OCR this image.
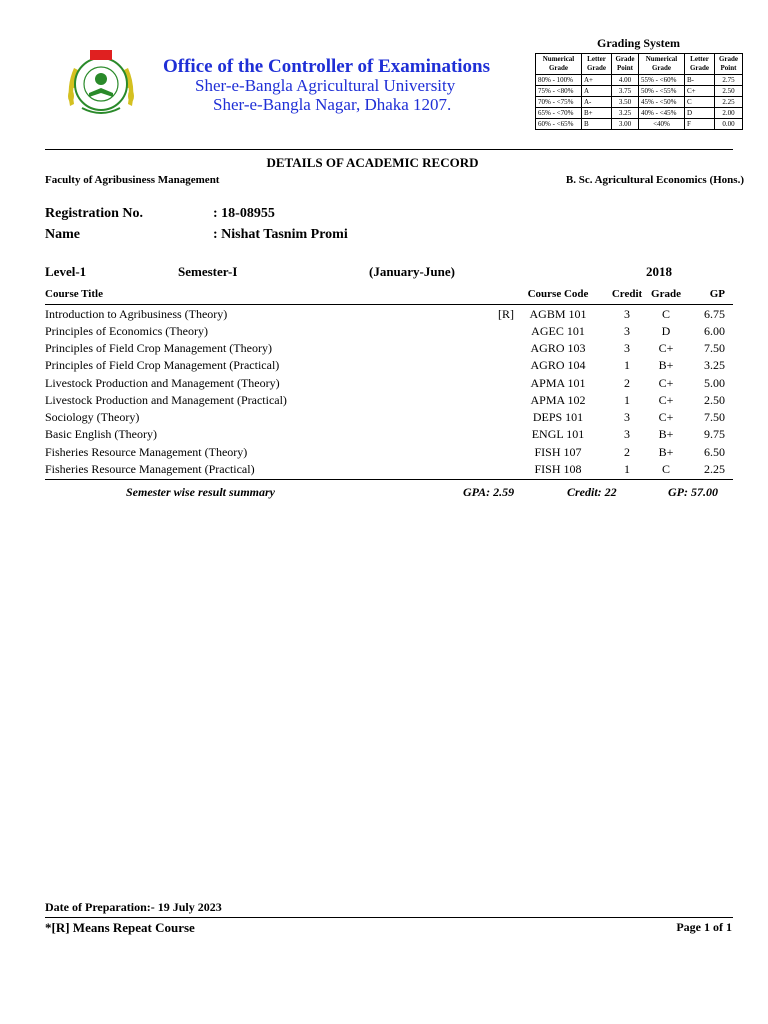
Office of the Controller of Examinations
Sher-e-Bangla Agricultural University
Sher-e-Bangla Nagar, Dhaka 1207.
Grading System
Numerical Grade	Letter Grade	Grade Point	Numerical Grade	Letter Grade	Grade Point
80% - 100%	A+	4.00	55% - <60%	B-	2.75
75% - <80%	A	3.75	50% - <55%	C+	2.50
70% - <75%	A-	3.50	45% - <50%	C	2.25
65% - <70%	B+	3.25	40% - <45%	D	2.00
60% - <65%	B	3.00	<40%	F	0.00
DETAILS OF ACADEMIC RECORD
Faculty of Agribusiness Management	B. Sc. Agricultural Economics (Hons.)
Registration No.	: 18-08955
Name	: Nishat Tasnim Promi
Level-1	Semester-I	(January-June)	2018
Course Title	Course Code	Credit Grade	GP
Introduction to Agribusiness (Theory)	[R]	AGBM 101	3	C	6.75
Principles of Economics (Theory)	AGEC 101	3	D	6.00
Principles of Field Crop Management (Theory)	AGRO 103	3	C+	7.50
Principles of Field Crop Management (Practical)	AGRO 104	1	B+	3.25
Livestock Production and Management (Theory)	APMA 101	2	C+	5.00
Livestock Production and Management (Practical)	APMA 102	1	C+	2.50
Sociology (Theory)	DEPS 101	3	C+	7.50
Basic English (Theory)	ENGL 101	3	B+	9.75
Fisheries Resource Management (Theory)	FISH 107	2	B+	6.50
Fisheries Resource Management (Practical)	FISH 108	1	C	2.25
Semester wise result summary	GPA: 2.59	Credit: 22	GP: 57.00
Date of Preparation:- 19 July 2023
*[R] Means Repeat Course	Page 1 of 1
